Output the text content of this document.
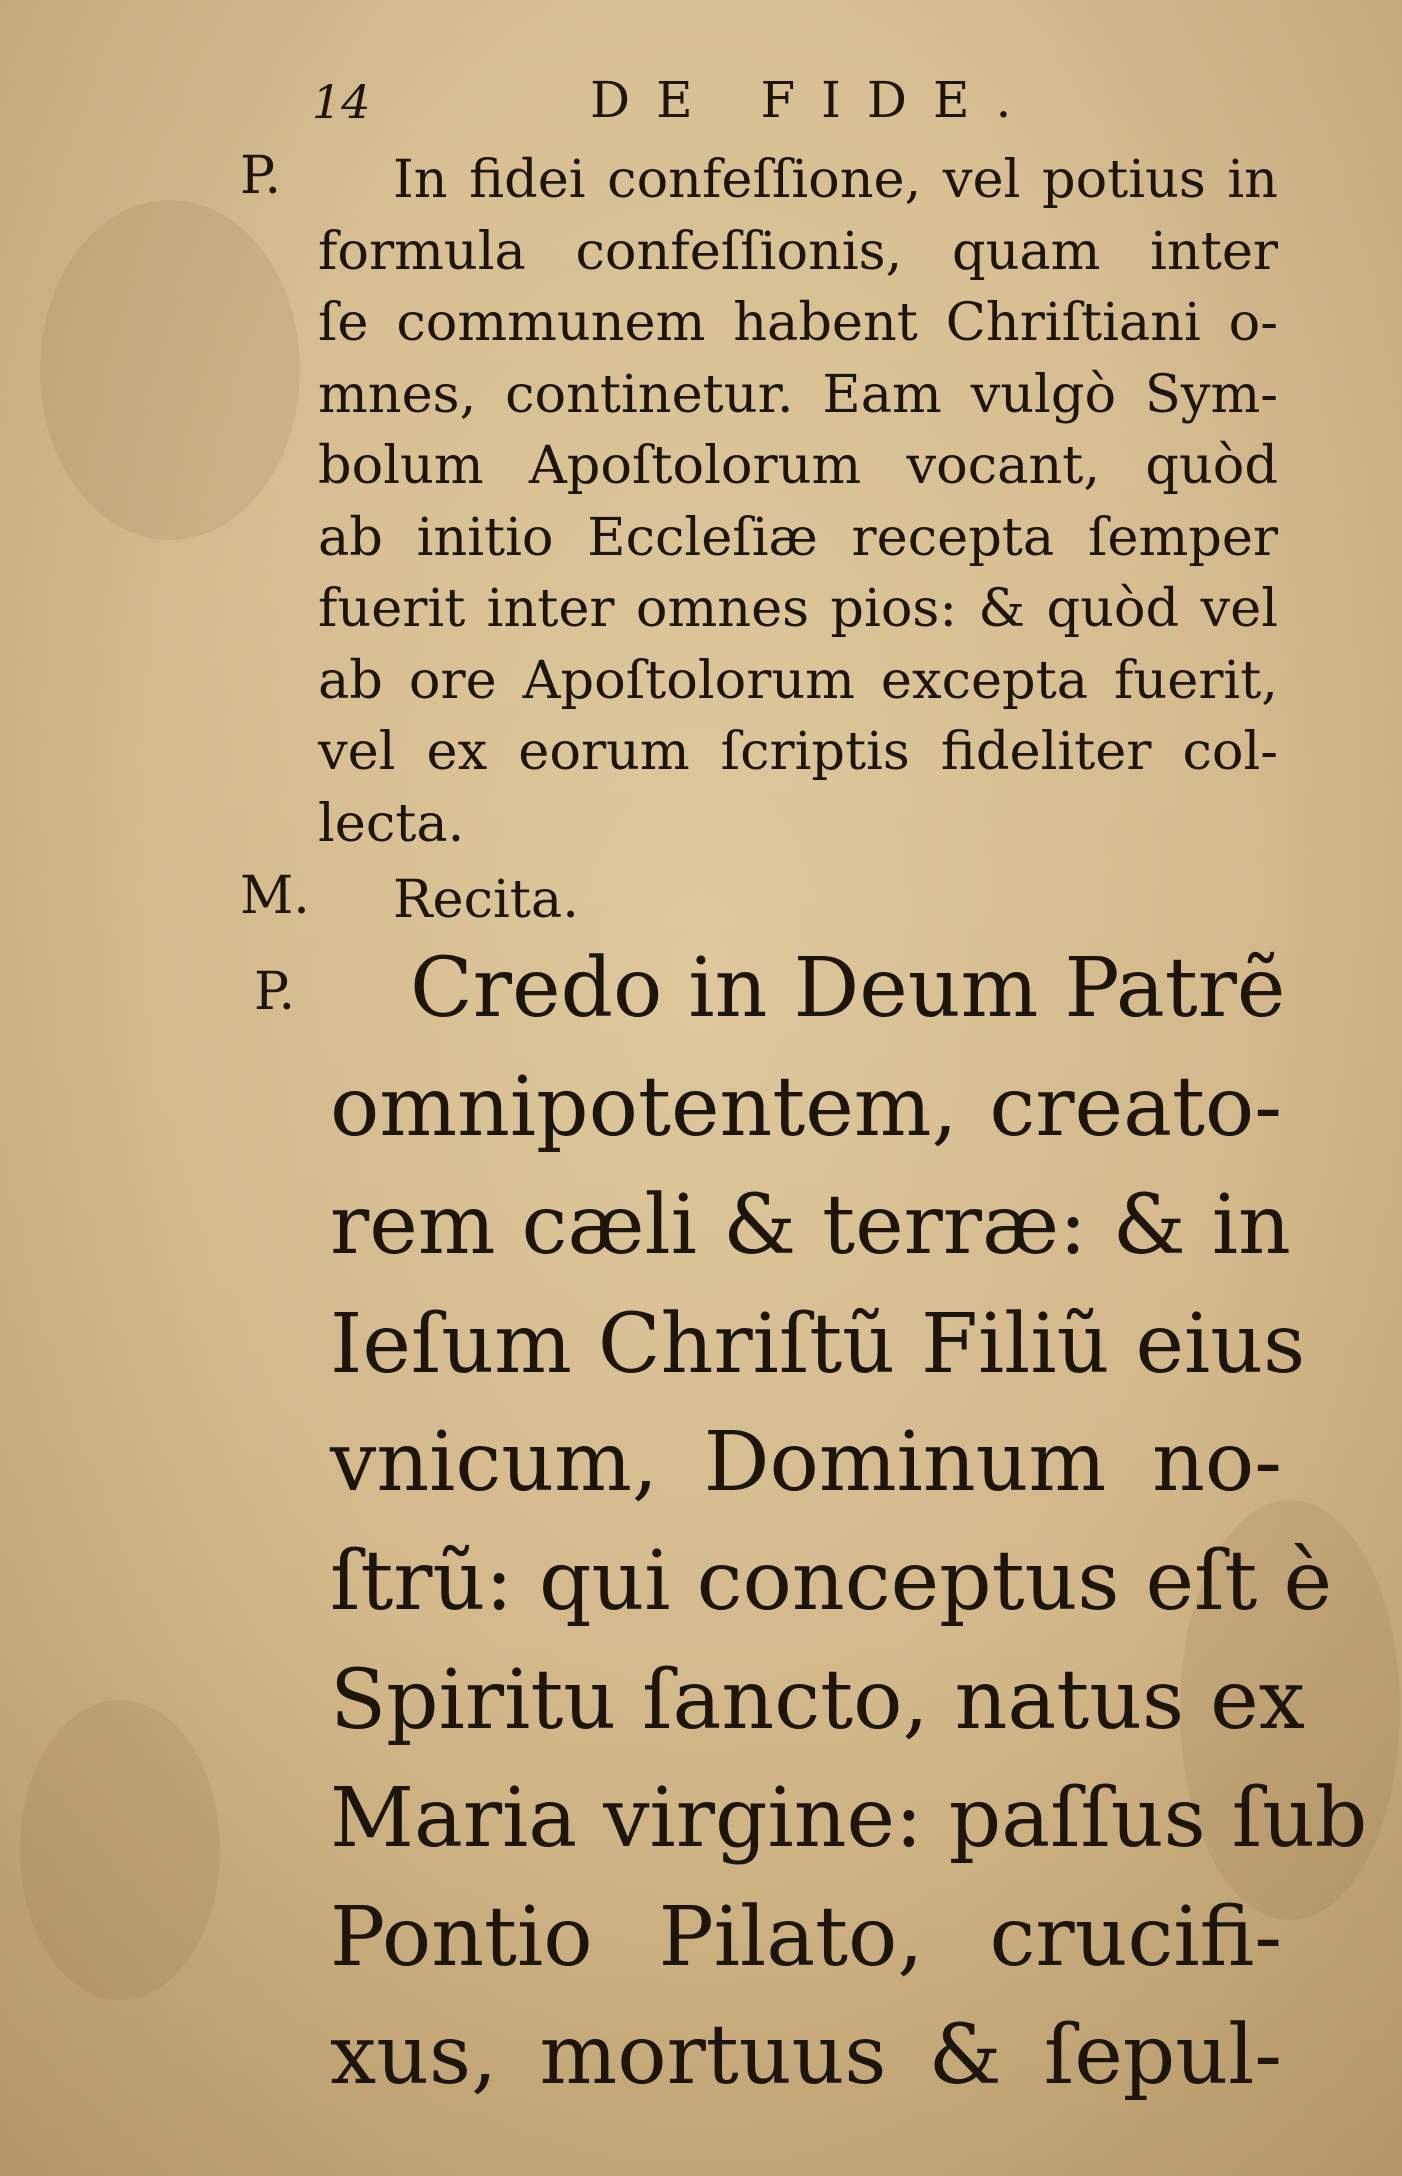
14	DE FIDE.
P.	In fidei confeſſione, vel potius in
formula confeſſionis, quam inter
ſe communem habent Chriſtiani o-
mnes, continetur. Eam vulgò Sym-
bolum Apoſtolorum vocant, quòd
ab initio Eccleſiæ recepta ſemper
fuerit inter omnes pios: & quòd vel
ab ore Apoſtolorum excepta fuerit,
vel ex eorum ſcriptis fideliter col-
lecta.
M.	Recita.
P.	Credo in Deum Patrẽ
omnipotentem, creato-
rem cæli & terræ: & in
Ieſum Chriſtũ Filiũ eius
vnicum, Dominum no-
ſtrũ: qui conceptus eſt è
Spiritu ſancto, natus ex
Maria virgine: paſſus ſub
Pontio Pilato, crucifi-
xus, mortuus & ſepul-
